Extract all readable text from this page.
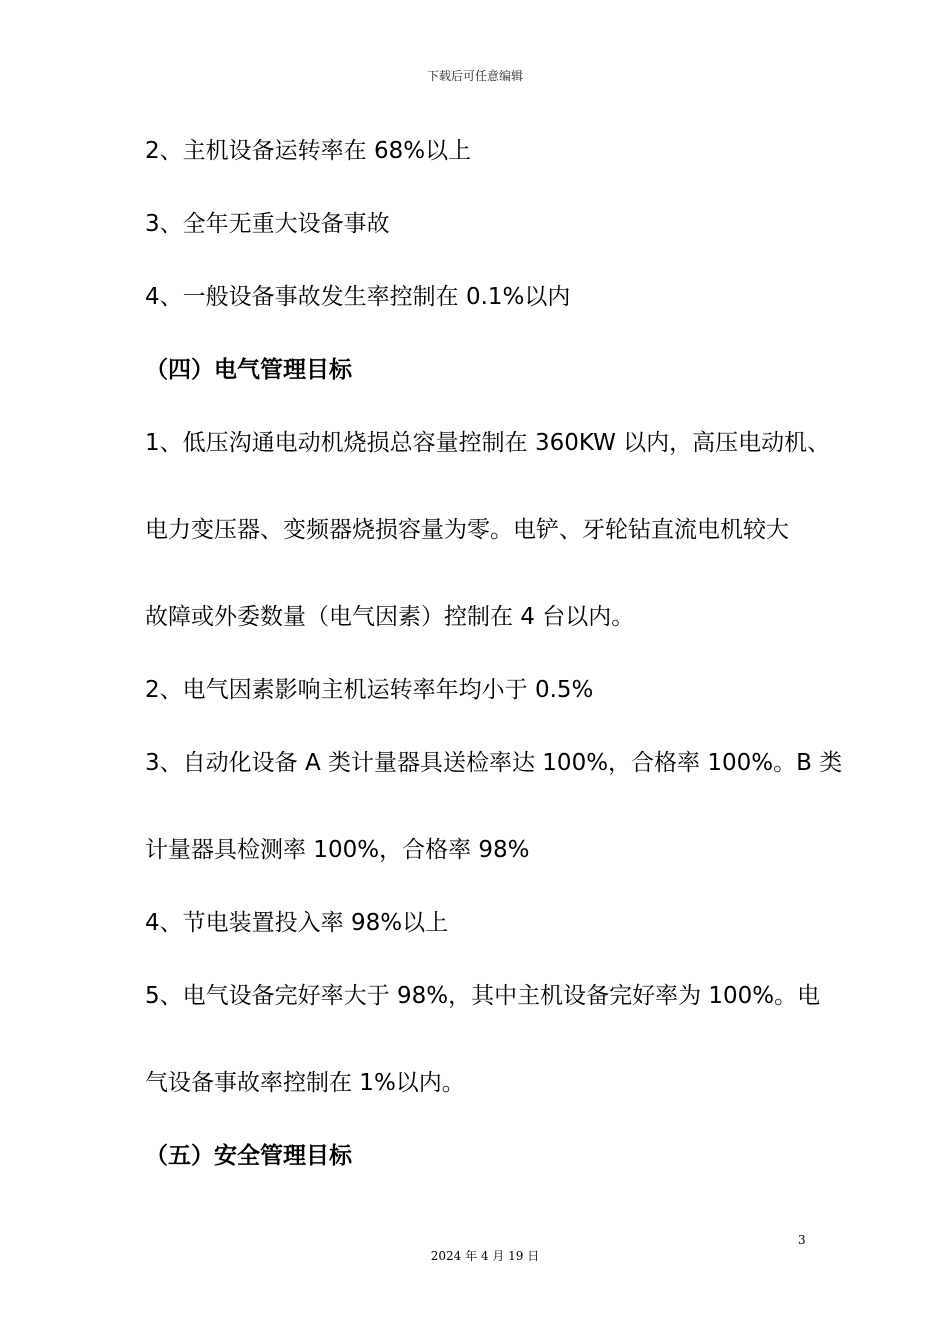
下载后可任意编辑
2、主机设备运转率在 68%以上
3、全年无重大设备事故
4、一般设备事故发生率控制在 0.1%以内
（四）电气管理目标
1、低压沟通电动机烧损总容量控制在 360KW 以内，高压电动机、
电力变压器、变频器烧损容量为零。电铲、牙轮钻直流电机较大
故障或外委数量（电气因素）控制在 4 台以内。
2、电气因素影响主机运转率年均小于 0.5%
3、自动化设备 A 类计量器具送检率达 100%，合格率 100%。B 类
计量器具检测率 100%，合格率 98%
4、节电装置投入率 98%以上
5、电气设备完好率大于 98%，其中主机设备完好率为 100%。电
气设备事故率控制在 1%以内。
（五）安全管理目标
3
2024 年 4 月 19 日
